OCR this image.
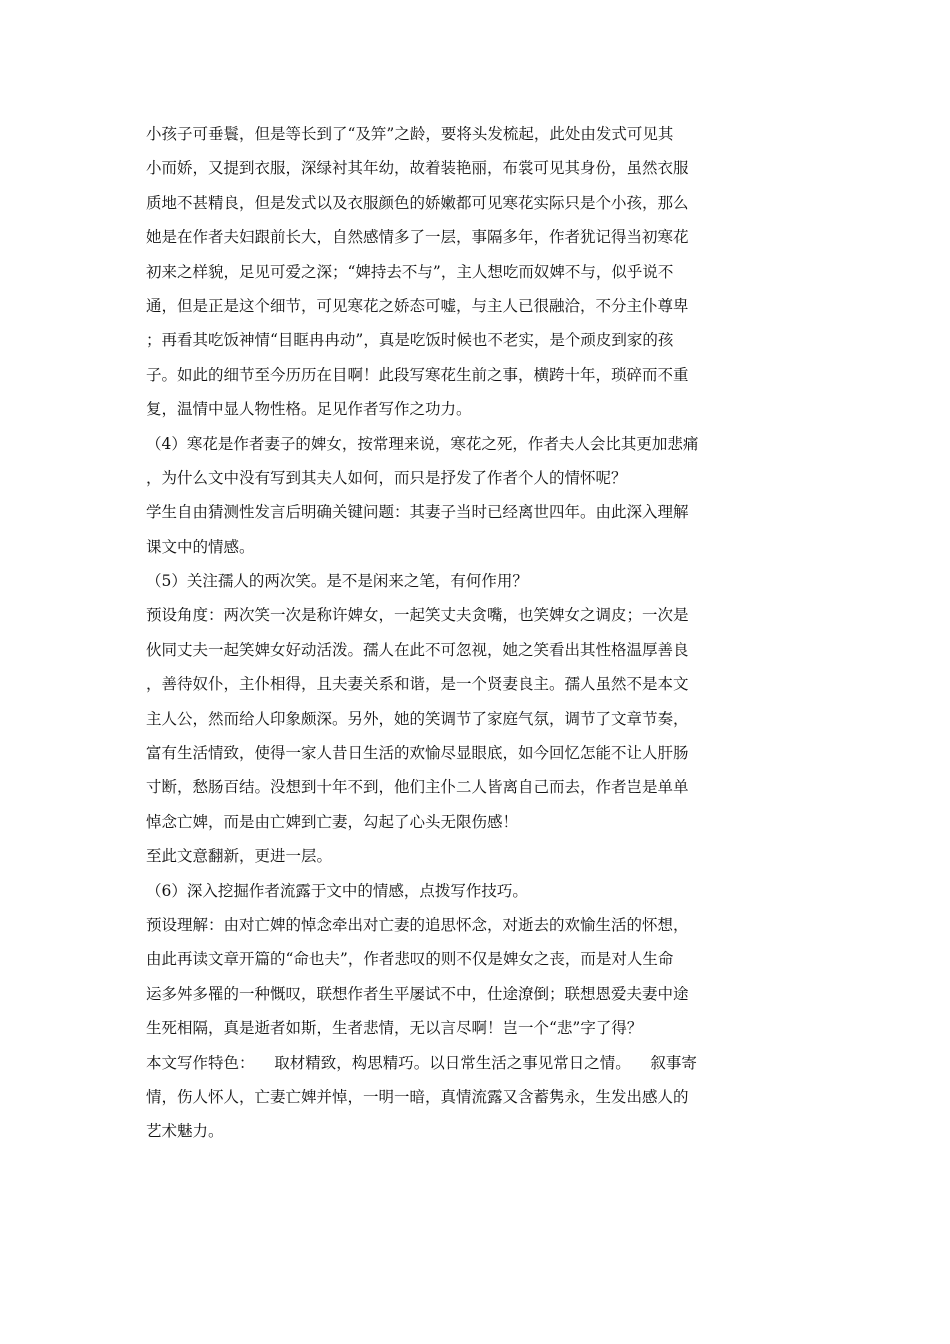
小孩子可垂鬟，但是等长到了“及笄”之龄，要将头发梳起，此处由发式可见其
小而娇，又提到衣服，深绿衬其年幼，故着装艳丽，布裳可见其身份，虽然衣服
质地不甚精良，但是发式以及衣服颜色的娇嫩都可见寒花实际只是个小孩，那么
她是在作者夫妇跟前长大，自然感情多了一层，事隔多年，作者犹记得当初寒花
初来之样貌，足见可爱之深；“婢持去不与”，主人想吃而奴婢不与，似乎说不
通，但是正是这个细节，可见寒花之娇态可嘘，与主人已很融洽，不分主仆尊卑
；再看其吃饭神情“目眶冉冉动”，真是吃饭时候也不老实，是个顽皮到家的孩
子。如此的细节至今历历在目啊！此段写寒花生前之事，横跨十年，琐碎而不重
复，温情中显人物性格。足见作者写作之功力。
（4）寒花是作者妻子的婢女，按常理来说，寒花之死，作者夫人会比其更加悲痛
，为什么文中没有写到其夫人如何，而只是抒发了作者个人的情怀呢？
学生自由猜测性发言后明确关键问题：其妻子当时已经离世四年。由此深入理解
课文中的情感。
（5）关注孺人的两次笑。是不是闲来之笔，有何作用？
预设角度：两次笑一次是称许婢女，一起笑丈夫贪嘴，也笑婢女之调皮；一次是
伙同丈夫一起笑婢女好动活泼。孺人在此不可忽视，她之笑看出其性格温厚善良
，善待奴仆，主仆相得，且夫妻关系和谐，是一个贤妻良主。孺人虽然不是本文
主人公，然而给人印象颇深。另外，她的笑调节了家庭气氛，调节了文章节奏，
富有生活情致，使得一家人昔日生活的欢愉尽显眼底，如今回忆怎能不让人肝肠
寸断，愁肠百结。没想到十年不到，他们主仆二人皆离自己而去，作者岂是单单
悼念亡婢，而是由亡婢到亡妻，勾起了心头无限伤感！
至此文意翻新，更进一层。
（6）深入挖掘作者流露于文中的情感，点拨写作技巧。
预设理解：由对亡婢的悼念牵出对亡妻的追思怀念，对逝去的欢愉生活的怀想，
由此再读文章开篇的“命也夫”，作者悲叹的则不仅是婢女之丧，而是对人生命
运多舛多罹的一种慨叹，联想作者生平屡试不中，仕途潦倒；联想恩爱夫妻中途
生死相隔，真是逝者如斯，生者悲情，无以言尽啊！岂一个“悲”字了得？
本文写作特色：    取材精致，构思精巧。以日常生活之事见常日之情。    叙事寄
情，伤人怀人，亡妻亡婢并悼，一明一暗，真情流露又含蓄隽永，生发出感人的
艺术魅力。
